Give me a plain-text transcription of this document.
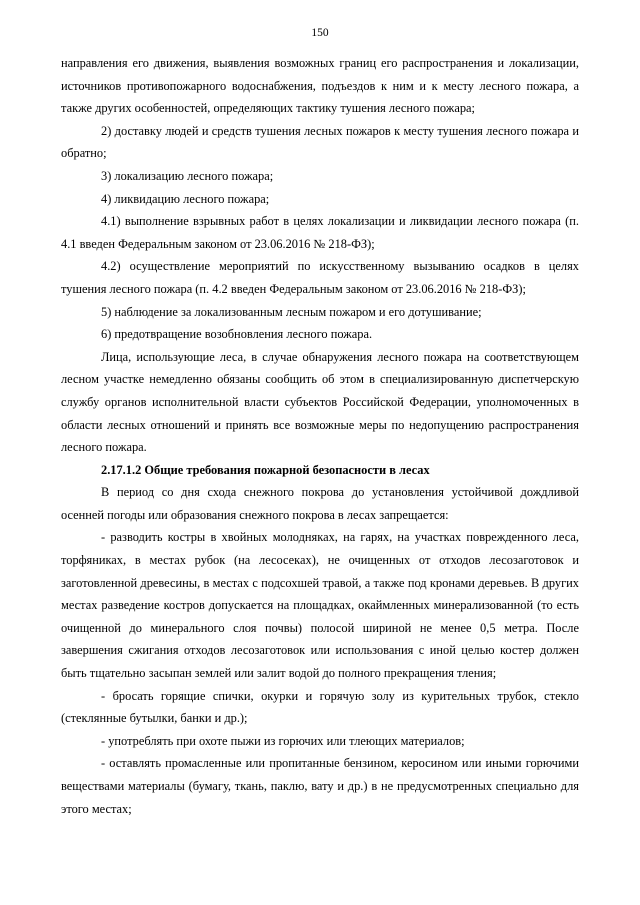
150

направления его движения, выявления возможных границ его распространения и локализации, источников противопожарного водоснабжения, подъездов к ним и к месту лесного пожара, а также других особенностей, определяющих тактику тушения лесного пожара;

2) доставку людей и средств тушения лесных пожаров к месту тушения лесного пожара и обратно;

3) локализацию лесного пожара;

4) ликвидацию лесного пожара;

4.1) выполнение взрывных работ в целях локализации и ликвидации лесного пожара (п. 4.1 введен Федеральным законом от 23.06.2016 № 218-ФЗ);

4.2) осуществление мероприятий по искусственному вызыванию осадков в целях тушения лесного пожара (п. 4.2 введен Федеральным законом от 23.06.2016 № 218-ФЗ);

5) наблюдение за локализованным лесным пожаром и его дотушивание;

6) предотвращение возобновления лесного пожара.

Лица, использующие леса, в случае обнаружения лесного пожара на соответствующем лесном участке немедленно обязаны сообщить об этом в специализированную диспетчерскую службу органов исполнительной власти субъектов Российской Федерации, уполномоченных в области лесных отношений и принять все возможные меры по недопущению распространения лесного пожара.

2.17.1.2 Общие требования пожарной безопасности в лесах

В период со дня схода снежного покрова до установления устойчивой дождливой осенней погоды или образования снежного покрова в лесах запрещается:

- разводить костры в хвойных молодняках, на гарях, на участках поврежденного леса, торфяниках, в местах рубок (на лесосеках), не очищенных от отходов лесозаготовок и заготовленной древесины, в местах с подсохшей травой, а также под кронами деревьев. В других местах разведение костров допускается на площадках, окаймленных минерализованной (то есть очищенной до минерального слоя почвы) полосой шириной не менее 0,5 метра. После завершения сжигания отходов лесозаготовок или использования с иной целью костер должен быть тщательно засыпан землей или залит водой до полного прекращения тления;

- бросать горящие спички, окурки и горячую золу из курительных трубок, стекло (стеклянные бутылки, банки и др.);

- употреблять при охоте пыжи из горючих или тлеющих материалов;

- оставлять промасленные или пропитанные бензином, керосином или иными горючими веществами материалы (бумагу, ткань, паклю, вату и др.) в не предусмотренных специально для этого местах;
